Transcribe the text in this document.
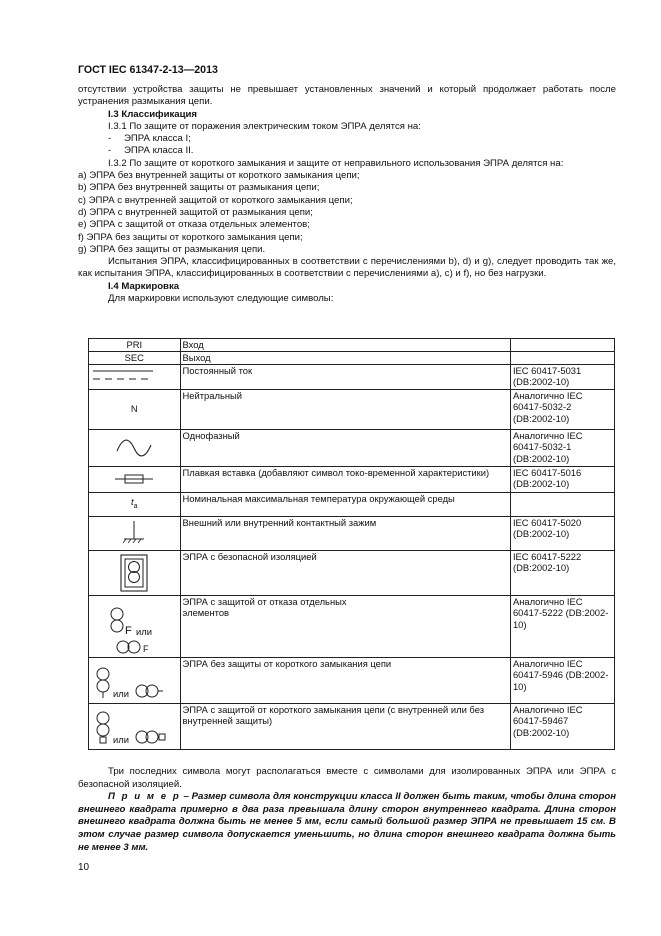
ГОСТ IEC 61347-2-13—2013

отсутствии устройства защиты не превышает установленных значений и который продолжает работать после устранения размыкания цепи.

I.3 Классификация

I.3.1 По защите от поражения электрическим током ЭПРА делятся на:

- ЭПРА класса I;

- ЭПРА класса II.

I.3.2 По защите от короткого замыкания и защите от неправильного использования ЭПРА делятся на:

а) ЭПРА без внутренней защиты от короткого замыкания цепи;

b) ЭПРА без внутренней защиты от размыкания цепи;

c) ЭПРА с внутренней защитой от короткого замыкания цепи;

d) ЭПРА с внутренней защитой от размыкания цепи;

e) ЭПРА с защитой от отказа отдельных элементов;

f) ЭПРА без защиты от короткого замыкания цепи;

g) ЭПРА без защиты от размыкания цепи.

Испытания ЭПРА, классифицированных в соответствии с перечислениями b), d) и g), следует проводить так же, как испытания ЭПРА, классифицированных в соответствии с перечислениями а), с) и f), но без нагрузки.

I.4 Маркировка

Для маркировки используют следующие символы:

PRI	Вход	
SEC	Выход	

	Постоянный ток	IEC 60417-5031 (DB:2002-10)
N	Нейтральный	Аналогично IEC 60417-5032-2 (DB:2002-10)

	Однофазный	Аналогично IEC 60417-5032-1 (DB:2002-10)

	Плавкая вставка (добавляют символ токо-временной характеристики)	IEC 60417-5016 (DB:2002-10)
$t_a$	Номинальная максимальная температура окружающей среды	

	Внешний или внутренний контактный зажим	IEC 60417-5020 (DB:2002-10)

	ЭПРА с безопасной изоляцией	IEC 60417-5222 (DB:2002-10)

F или
F	ЭПРА с защитой от отказа отдельных элементов	Аналогично IEC 60417-5222 (DB:2002-10)

или	ЭПРА без защиты от короткого замыкания цепи	Аналогично IEC 60417-5946 (DB:2002-10)

или	ЭПРА с защитой от короткого замыкания цепи (с внутренней или без внутренней защиты)	Аналогично IEC 60417-59467 (DB:2002-10)

Три последних символа могут располагаться вместе с символами для изолированных ЭПРА или ЭПРА с безопасной изоляцией.

П р и м е р – Размер символа для конструкции класса II должен быть таким, чтобы длина сторон внешнего квадрата примерно в два раза превышала длину сторон внутреннего квадрата. Длина сторон внешнего квадрата должна быть не менее 5 мм, если самый большой размер ЭПРА не превышает 15 см. В этом случае размер символа допускается уменьшить, но длина сторон внешнего квадрата должна быть не менее 3 мм.

10
